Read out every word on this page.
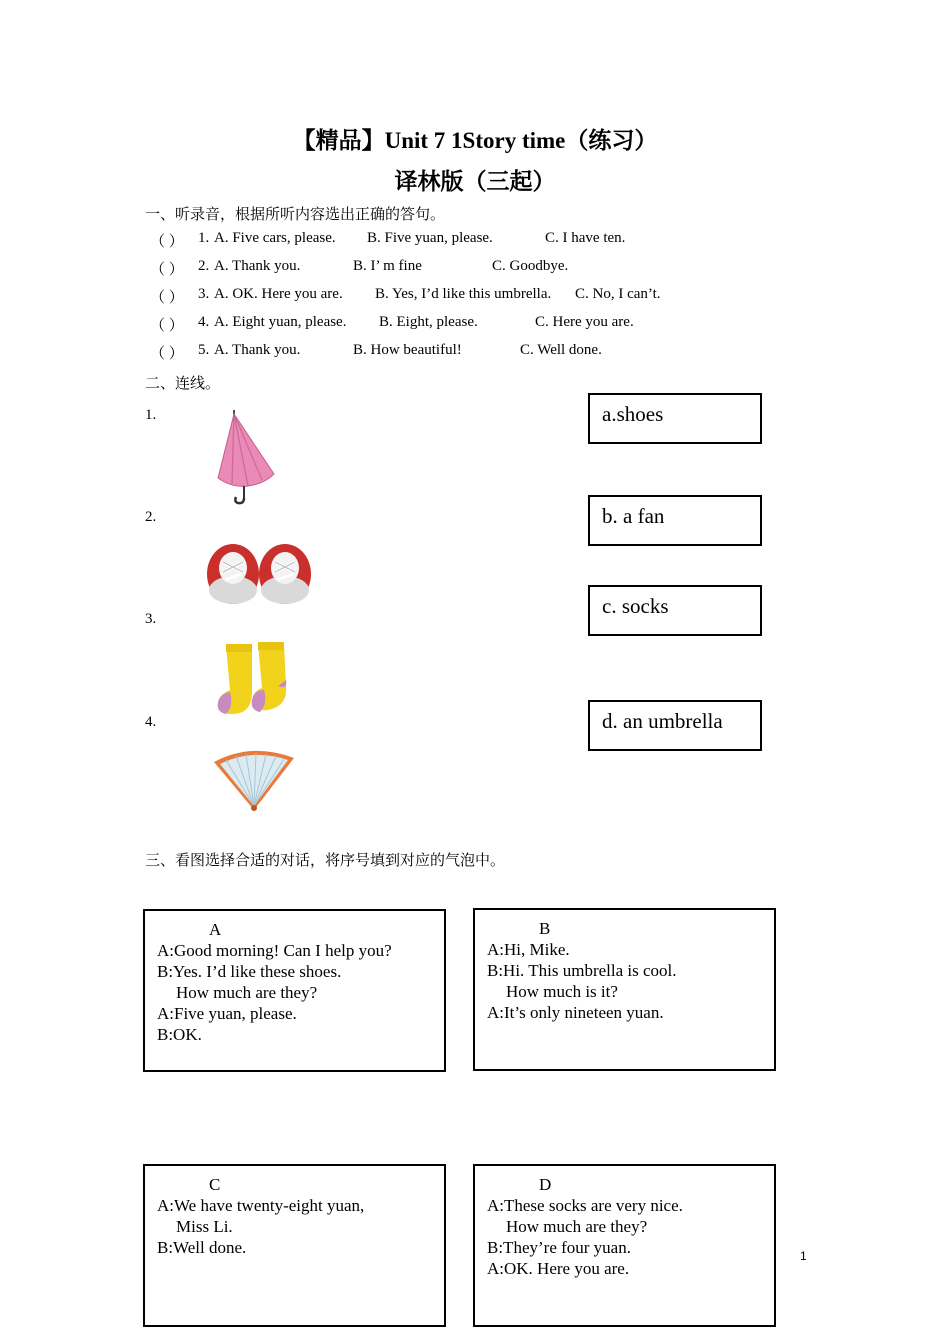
【精品】Unit 7 1Story time（练习）
译林版（三起）
一、听录音，根据所听内容选出正确的答句。
（ ） 1. A. Five cars, please. B. Five yuan, please.	C. I have ten.
（ ） 2. A. Thank you.	B. I’ m fine	C. Goodbye.
（ ） 3. A. OK. Here you are. B. Yes, I’d like this umbrella. C. No, I can’t.
（ ） 4. A. Eight yuan, please. B. Eight, please.	C. Here you are.
（ ） 5. A. Thank you.	B. How beautiful!	C. Well done.
二、连线。
1.
2.
3.
4.
a.shoes
b. a fan
c. socks
d. an umbrella
三、看图选择合适的对话，将序号填到对应的气泡中。
A
A:Good morning! Can I help you?
B:Yes. I’d like these shoes.
How much are they?
A:Five yuan, please.
B:OK.
B
A:Hi, Mike.
B:Hi. This umbrella is cool.
How much is it?
A:It’s only nineteen yuan.
C
A:We have twenty-eight yuan,
Miss Li.
B:Well done.
D
A:These socks are very nice.
How much are they?
B:They’re four yuan.
A:OK. Here you are.
1
